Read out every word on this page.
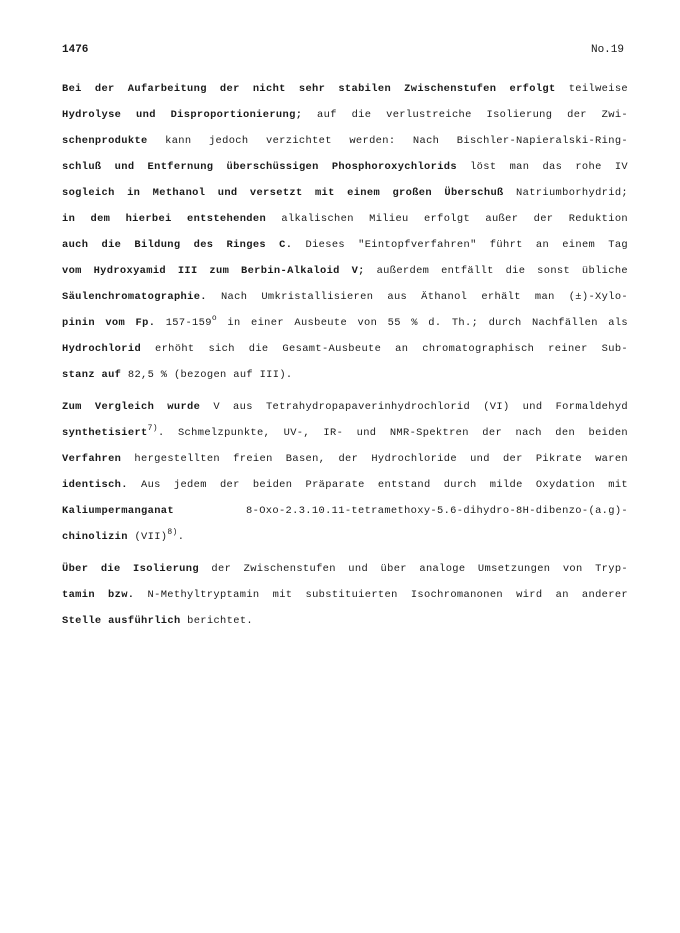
1476	No.19
Bei der Aufarbeitung der nicht sehr stabilen Zwischenstufen erfolgt teilweise
Hydrolyse und Disproportionierung; auf die verlustreiche Isolierung der Zwi-
schenprodukte kann jedoch verzichtet werden: Nach Bischler-Napieralski-Ring-
schluß und Entfernung überschüssigen Phosphoroxychlorids löst man das rohe IV
sogleich in Methanol und versetzt mit einem großen Überschuß Natriumborhydrid;
in dem hierbei entstehenden alkalischen Milieu erfolgt außer der Reduktion
auch die Bildung des Ringes C. Dieses "Eintopfverfahren" führt an einem Tag
vom Hydroxyamid III zum Berbin-Alkaloid V; außerdem entfällt die sonst übliche
Säulenchromatographie. Nach Umkristallisieren aus Äthanol erhält man (±)-Xylo-
pinin vom Fp. 157-159$^o$ in einer Ausbeute von 55 % d. Th.; durch Nachfällen als
Hydrochlorid erhöht sich die Gesamt-Ausbeute an chromatographisch reiner Sub-
stanz auf 82,5 % (bezogen auf III).
Zum Vergleich wurde V aus Tetrahydropapaverinhydrochlorid (VI) und Formaldehyd
synthetisiert$^{7)}$. Schmelzpunkte, UV-, IR- und NMR-Spektren der nach den beiden
Verfahren hergestellten freien Basen, der Hydrochloride und der Pikrate waren
identisch. Aus jedem der beiden Präparate entstand durch milde Oxydation mit
Kaliumpermanganat 8-Oxo-2.3.10.11-tetramethoxy-5.6-dihydro-8H-dibenzo-(a.g)-
chinolizin (VII)$^{8)}$.
Über die Isolierung der Zwischenstufen und über analoge Umsetzungen von Tryp-
tamin bzw. N-Methyltryptamin mit substituierten Isochromanonen wird an anderer
Stelle ausführlich berichtet.
